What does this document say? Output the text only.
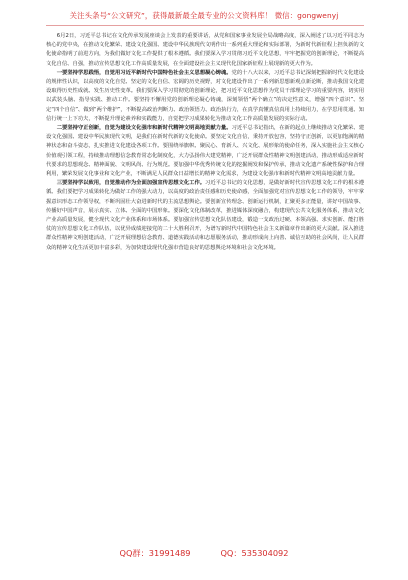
关注头条号“公文研究”，获得最新最全最专业的公文资料库！ 微信：gongwenyj

6月2日，习近平总书记在文化传承发展座谈会上发表的重要讲话，从党和国家事业发展全局战略高度，深入阐述了以习近平同志为核心的党中央，在推动文化繁荣、建设文化强国、建设中华民族现代文明作出一系列重大理论和实际部署，为新时代新征程上担负新的文化使命指明了前进方向，为我们做好文化工作提供了根本遵循。我们要深入学习贯彻习近平文化思想，牢牢把握党的创新理论，不断提高文化自信、自强，推动宣传思想文化工作高质量发展，在全面建设社会主义现代化国家新征程上展现新的更大作为。

一要坚持学思践悟，自觉用习近平新时代中国特色社会主义思想凝心铸魂。党的十八大以来，习近平总书记深刻把握新时代文化建设的规律性认识，以高度的文化自觉、坚定的文化自信、宏阔的历史视野，对文化建设作出了一系列新思想新观点新论断，推动我国文化建设取得历史性成就、发生历史性变革。我们要深入学习贯彻党的创新理论，把习近平文化思想作为党员干部理论学习的重要内容，切实用以武装头脑、指导实践、推动工作。要坚持不懈用党的创新理论凝心铸魂，深刻领悟“两个确立”的决定性意义，增强“四个意识”、坚定“四个自信”、做到“两个维护”，不断提高政治判断力、政治领悟力、政治执行力，在真学真懂真信真用上持续用力，在学思用贯通、知信行统一上下功夫，不断提升理论素养和实践能力，自觉把学习成果转化为推动文化工作高质量发展的实际行动。

二要坚持守正创新，自觉为建设文化强市和新时代精神文明高地贡献力量。习近平总书记指出，在新的起点上继续推动文化繁荣、建设文化强国、建设中华民族现代文明，是我们在新时代新的文化使命。要坚定文化自信，秉持开放包容，坚持守正创新，以更加饱满的精神状态和奋斗姿态，扎实推进文化建设各项工作。要围绕举旗帜、聚民心、育新人、兴文化、展形象的使命任务，深入实施社会主义核心价值观引领工程，持续推动理想信念教育常态化制度化，大力弘扬伟大建党精神，广泛开展群众性精神文明创建活动，推动形成适应新时代要求的思想观念、精神面貌、文明风尚、行为规范。要加强中华优秀传统文化的挖掘阐发和保护传承，推动文化遗产系统性保护和合理利用，繁荣发展文化事业和文化产业，不断满足人民群众日益增长的精神文化需求，为建设文化强市和新时代精神文明高地贡献力量。

三要坚持学以致用，自觉推动作为全面加强宣传思想文化工作。习近平总书记的文化思想，是做好新时代宣传思想文化工作的根本遵循。我们要把学习成果转化为做好工作的强大动力，以高度的政治责任感和历史使命感，全面加强党对宣传思想文化工作的领导，牢牢掌握意识形态工作领导权，不断巩固壮大奋进新时代的主流思想舆论。要创新宣传理念、创新运行机制，汇聚更多正能量，讲好中国故事、传播好中国声音，展示真实、立体、全面的中国形象。要深化文化体制改革，推进媒体深度融合，构建现代公共文化服务体系，推动文化产业高质量发展，健全现代文化产业体系和市场体系。要加强宣传思想文化队伍建设，锻造一支政治过硬、本领高强、求实创新、能打胜仗的宣传思想文化工作队伍，以优异成绩迎接党的二十大胜利召开，为谱写新时代中国特色社会主义新篇章作出新的更大贡献。深入推进群众性精神文明创建活动，广泛开展理想信念教育、道德实践活动和志愿服务活动，推动形成向上向善、诚信互助的社会风尚，让人民群众的精神文化生活更加丰富多彩，为加快建设现代化强市营造良好的思想舆论环境和社会文化环境。

QQ群：31991489	QQ：535304092
